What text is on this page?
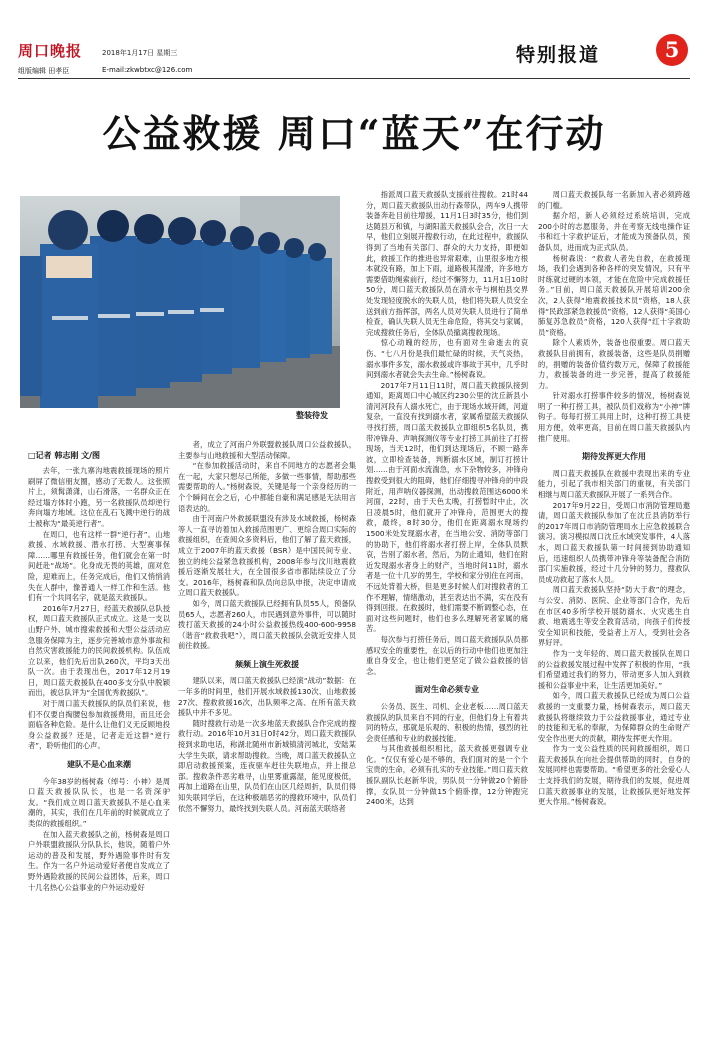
周口晚报	2018年1月17日 星期三
组版编辑 田孝臣	E-mail:zkwbtxc@126.com
特别报道	5
公益救援 周口“蓝天”在行动
整装待发
□记者 韩志刚 文/图

去年，一张九寨沟地震救援现场的照片刷屏了微信朋友圈，感动了无数人。这张照片上，须髯潇潇，山石滑落，一名群众正在经过塌方体时小跑，另一名救援队员却逆行奔向塌方地域。这位在乱石飞溅中逆行的战士被称为“最美逆行者”。

在周口，也有这样一群“逆行者”。山地救援、水域救援、潜水打捞、大型赛事保障……哪里有救援任务，他们就会在第一时间赶赴“战场”。化身成无畏的英雄，面对危险，迎难而上，任务完成后，他们又悄悄消失在人群中，像普通人一样工作和生活。他们有一个共同名字，就是蓝天救援队。

2016年7月27日，经蓝天救援队总队授权，周口蓝天救援队正式成立。这是一支以山野户外、城市搜索救援和大型公益活动应急服务保障为主，逐步完善城市意外事故和自然灾害救援能力的民间救援机构。队伍成立以来，他们先后出队260次，平均3天出队一次。由于表现出色，2017年12月19日，周口蓝天救援队在400多支分队中脱颖而出，被总队评为“全国优秀救援队”。

对于周口蓝天救援队的队员们来说，他们不仅要自掏腰包参加救援费用，而且还会面临各种危险。是什么让他们义无反顾地投身公益救援？还是，记者走近这群“逆行者”，聆听他们的心声。

建队不是心血来潮

今年38岁的杨树森（绰号：小神）是周口蓝天救援队队长，也是一名资深驴友。“我们成立周口蓝天救援队不是心血来潮的，其实，我们在几年前的时候就成立了类似的救援组织。”

在加入蓝天救援队之前，杨树森是周口户外联盟救援队分队队长，他说，随着户外运动的普及和发展，野外遇险事件时有发生。作为一名户外运动爱好者便自发成立了野外遇险救援的民间公益团体，后来，周口十几名热心公益事业的户外运动爱好

者，成立了河南户外联盟救援队周口公益救援队，主要参与山地救援和大型活动保障。

“在参加救援活动时，来自不同地方的志愿者会集在一起，大家只想尽己所能，多做一些事情，帮助那些需要帮助的人。”杨树森说，关键是每一个亲身经历的一个个瞬间在会之后，心中都能自豪和满足感是无法用言语表达的。

由于河南户外救援联盟没有涉及水域救援，杨树森等人一直寻访着加入救援范围更广、更综合周口实际的救援组织，在查阅众多资料后，他们了解了蓝天救援，成立于2007年的蓝天救援（BSR）是中国民间专业、独立的纯公益紧急救援机构，2008年参与汶川地震救援后逐渐发展壮大，在全国很多省市都陆续设立了分支。2016年，杨树森和队员向总队申报，决定申请成立周口蓝天救援队。

如今，周口蓝天救援队已经拥有队员55人，预备队员65人，志愿者260人，市民遇到意外事件，可以随时拨打蓝天救援的24小时公益救援热线400-600-9958（谐音“救救我吧”），周口蓝天救援队会就近安排人员前往救援。

频频上演生死救援

建队以来，周口蓝天救援队已经演“战动”数据：在一年多的时间里，他们开展水域救援130次、山地救援27次、搜救救援16次，出队频率之高、在所有蓝天救援队中并不多见。

随时搜救行动是一次多地蓝天救援队合作完成的搜救行动。2016年10月31日0时42分，周口蓝天救援队接到求助电话，称湖北随州市新城镇清河城北，安陆某大学生失联，请求帮助搜救。当晚，周口蓝天救援队立即启动救援预案，连夜驱车赶往失联地点，并上报总部。搜救条件恶劣难寻，山里雾重露湿，能见度极低，再加上道路在山里，队员们在山区几经周折，队员们得知失联同学后，在这种极端恶劣的搜救环境中，队员们依然不懈努力，最终找到失联人员。河南蓝天联络者

指派周口蓝天救援队支援前往搜救。21时44分，周口蓝天救援队出动行森带队，两车9人携带装备奔赴目前往增援，11月1日3时35分，他们到达随县万和镇，与湖阳蓝天救援队会合，次日一大早，他们立刻展开搜救行动，在此过程中，救援队得到了当地有关部门、群众的大力支持，即便如此，救援工作的推进也异常艰难，山里很多地方根本就没有路，加上下雨，道路极其湿滑，许多地方需要借助绳索前行，经过不懈努力，11月1日10时50分，周口蓝天救援队员在清水寺与桐柏县交界处发现轻度脱水的失联人员，他们将失联人员安全送到前方指挥部，两名人员对失联人员进行了简单检查，确认失联人员无生命危险，将其交与家属，完成搜救任务后，全体队员撤离搜救现场。

惊心动魄的经历，也有面对生命逝去的哀伤、“七八月份是我们最忙碌的时候，天气炎热，溺水事件多发，溺水救援或许事故于其中，几乎时间到溺水者就会失去生命。”杨树森说。

2017年7月11日11时，周口蓝天救援队接到通知，距离周口中心城区约230公里的沈丘新县小清河河段有人溺水死亡，由于现场水域开阔，河道复杂，一直没有找到溺水者，家属希望蓝天救援队寻找打捞，周口蓝天救援队立即组织5名队员，携带冲锋舟、声呐探测仪等专业打捞工具前往了打捞现场，当天12时，他们到达现场后，不顾一路奔波，立即检查装备，判断溺水区域，制订打捞计划……由于河面水流湍急，水下杂物较多，冲锋舟搜救受到很大的阻碍，他们仔细搜寻冲锋舟的中段附近，用声呐仪器探测，出动搜救范围达6000米河面，22时，由于天色太晚，打捞暂时中止，次日凌晨5时，他们就开了冲锋舟，范围更大的搜救，最终，8时30分，他们在距离溺水现场约1500米处发现溺水者，在当地公安、消防等部门的协助下，他们将溺水者打捞上岸，全体队员默哀，告别了溺水者，然后，为防止通知，他们在附近发现溺水者身上的财产，当地时间11时，溺水者是一位十几岁的男生，学校和家分别住在河南，不远处背着大桥，但是更多时候人们对搜救者的工作不理解，情绪激动，甚至表达出不满，实在没有得到回报。在救援时，他们需要不断调整心态，在面对这些问题时，他们也多么理解死者家属的痛苦。

每次参与打捞任务后，周口蓝天救援队队员都感叹安全的重要性，在以后的行动中他们也更加注重自身安全，也让他们更坚定了做公益救援的信念。

面对生命必须专业

公务员、医生、司机、企业老板……周口蓝天救援队的队员来自不同的行业，但他们身上有着共同的特点，那就是乐观的、积极的热情，强烈的社会责任感和专业的救援技能。

与其他救援组织相比，蓝天救援更强调专业化。“仅仅有爱心是不够的，我们面对的是一个个宝贵的生命，必须有扎实的专业技能。”周口蓝天救援队副队长赵新华说，男队员一分钟做20个俯卧撑，女队员一分钟做15个俯卧撑，12分钟跑完2400米，达到

周口蓝天救援队每一名新加入者必须跨越的门槛。

据介绍，新人必须经过系统培训，完成200小时的志愿服务，并在考察无线电操作证书和红十字救护证后，才能成为预备队员，预备队员，进而成为正式队员。

杨树森说：“救救人者先自救，在救援现场，我们会遇到各种各样的突发情况，只有平时练就过硬的本领，才能在危险中完成救援任务。”目前，周口蓝天救援队开展培训200余次，2人获得“地震救援技术员”资格，18人获得“民政部紧急救援员”资格，12人获得“美国心肺复苏急救员”资格，120人获得“红十字救助员”资格。

除个人素质外，装备也很重要。周口蓝天救援队目前拥有，救援装备，这些是队员捐赠的，捐赠的装备价值约数万元，保障了救援能力，救援装备的进一步完善，提高了救援能力。

针对溺水打捞事件较多的情况，杨树森说明了一种打捞工具，被队员们戏称为“小神”牌钩子。每每打捞工具用上时，这种打捞工具使用方便，效率更高，目前在周口蓝天救援队内推广使用。

期待发挥更大作用

周口蓝天救援队在救援中表现出来的专业能力，引起了我市相关部门的重视，有关部门相继与周口蓝天救援队开展了一系列合作。

2017年9月22日，受周口市消防管理局邀请，周口蓝天救援队参加了在沈丘县消防举行的2017年周口市消防管理局水上应急救援联合演习。演习模拟周口沈丘水域突发事件，4人落水，周口蓝天救援队第一时间接到协助通知后，迅速组织人员携带冲锋舟等装备配合消防部门实施救援，经过十几分钟的努力，搜救队员成功救起了落水人员。

周口蓝天救援队坚持“防大于救”的理念，与公安、消防、医院、企业等部门合作，先后在市区40多所学校开展防溺水、火灾逃生自救、地震逃生等安全教育活动，向孩子们传授安全知识和技能，受益者上万人，受到社会各界好评。

作为一支年轻的、周口蓝天救援队在周口的公益救援发展过程中发挥了积极的作用，“我们希望通过我们的努力，带动更多人加入到救援和公益事业中来，让生活更加美好。”

如今，周口蓝天救援队已经成为周口公益救援的一支重要力量，杨树森表示，周口蓝天救援队将继续致力于公益救援事业，通过专业的技能和无私的奉献，为保障群众的生命财产安全作出更大的贡献，期待发挥更大作用。

作为一支公益性质的民间救援组织，周口蓝天救援队在向社会提供帮助的同时，自身的发展同样也需要帮助。“希望更多的社会爱心人士支持我们的发展，期待我们的发展，促进周口蓝天救援事业的发展，让救援队更好地发挥更大作用。”杨树森说。
